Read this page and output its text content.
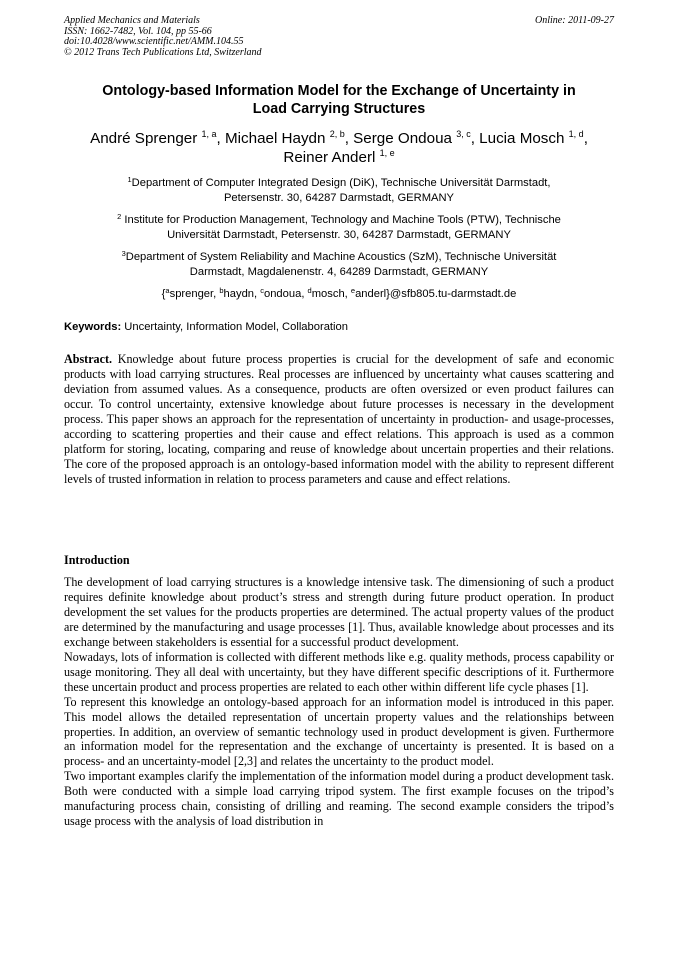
Applied Mechanics and Materials
ISSN: 1662-7482, Vol. 104, pp 55-66
doi:10.4028/www.scientific.net/AMM.104.55
© 2012 Trans Tech Publications Ltd, Switzerland
Online: 2011-09-27
Ontology-based Information Model for the Exchange of Uncertainty in
Load Carrying Structures
André Sprenger $^{1, a}$, Michael Haydn $^{2, b}$, Serge Ondoua $^{3, c}$, Lucia Mosch $^{1, d}$,
Reiner Anderl $^{1, e}$
$^1$Department of Computer Integrated Design (DiK), Technische Universität Darmstadt,
Petersenstr. 30, 64287 Darmstadt, GERMANY
$^2$ Institute for Production Management, Technology and Machine Tools (PTW), Technische
Universität Darmstadt, Petersenstr. 30, 64287 Darmstadt, GERMANY
$^3$Department of System Reliability and Machine Acoustics (SzM), Technische Universität
Darmstadt, Magdalenenstr. 4, 64289 Darmstadt, GERMANY
{$^a$sprenger, $^b$haydn, $^c$ondoua, $^d$mosch, $^e$anderl}@sfb805.tu-darmstadt.de
Keywords: Uncertainty, Information Model, Collaboration
Abstract. Knowledge about future process properties is crucial for the development of safe and economic products with load carrying structures. Real processes are influenced by uncertainty what causes scattering and deviation from assumed values. As a consequence, products are often oversized or even product failures can occur. To control uncertainty, extensive knowledge about future processes is necessary in the development process. This paper shows an approach for the representation of uncertainty in production- and usage-processes, according to scattering properties and their cause and effect relations. This approach is used as a common platform for storing, locating, comparing and reuse of knowledge about uncertain properties and their relations. The core of the proposed approach is an ontology-based information model with the ability to represent different levels of trusted information in relation to process parameters and cause and effect relations.
Introduction

The development of load carrying structures is a knowledge intensive task. The dimensioning of such a product requires definite knowledge about product’s stress and strength during future product operation. In product development the set values for the products properties are determined. The actual property values of the product are determined by the manufacturing and usage processes [1]. Thus, available knowledge about processes and its exchange between stakeholders is essential for a successful product development.

Nowadays, lots of information is collected with different methods like e.g. quality methods, process capability or usage monitoring. They all deal with uncertainty, but they have different specific descriptions of it. Furthermore these uncertain product and process properties are related to each other within different life cycle phases [1].

To represent this knowledge an ontology-based approach for an information model is introduced in this paper. This model allows the detailed representation of uncertain property values and the relationships between properties. In addition, an overview of semantic technology used in product development is given. Furthermore an information model for the representation and the exchange of uncertainty is presented. It is based on a process- and an uncertainty-model [2,3] and relates the uncertainty to the product model.

Two important examples clarify the implementation of the information model during a product development task. Both were conducted with a simple load carrying tripod system. The first example focuses on the tripod’s manufacturing process chain, consisting of drilling and reaming. The second example considers the tripod’s usage process with the analysis of load distribution in
